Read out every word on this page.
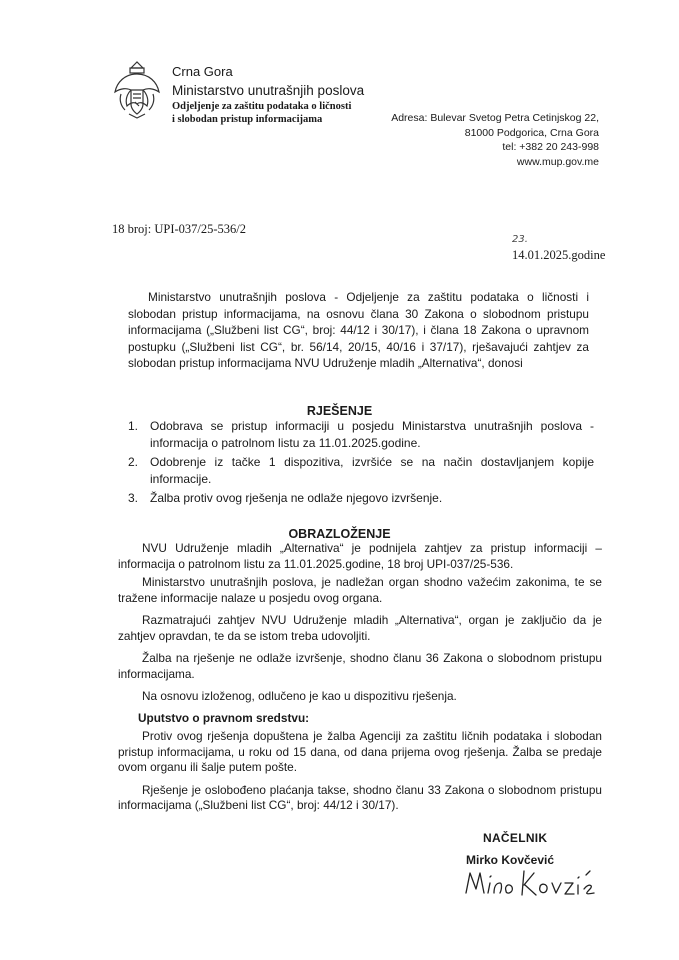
Crna Gora
Ministarstvo unutrašnjih poslova
Odjeljenje za zaštitu podataka o ličnosti
i slobodan pristup informacijama	Adresa: Bulevar Svetog Petra Cetinjskog 22,
81000 Podgorica, Crna Gora
tel: +382 20 243-998
www.mup.gov.me
18 broj: UPI-037/25-536/2
23.
14.01.2025.godine
Ministarstvo unutrašnjih poslova - Odjeljenje za zaštitu podataka o ličnosti i slobodan pristup informacijama, na osnovu člana 30 Zakona o slobodnom pristupu informacijama („Službeni list CG“, broj: 44/12 i 30/17), i člana 18 Zakona o upravnom postupku („Službeni list CG“, br. 56/14, 20/15, 40/16 i 37/17), rješavajući zahtjev za slobodan pristup informacijama NVU Udruženje mladih „Alternativa“, donosi
RJEŠENJE
1. Odobrava se pristup informaciji u posjedu Ministarstva unutrašnjih poslova - informacija o patrolnom listu za 11.01.2025.godine.
2. Odobrenje iz tačke 1 dispozitiva, izvršiće se na način dostavljanjem kopije informacije.
3. Žalba protiv ovog rješenja ne odlaže njegovo izvršenje.
OBRAZLOŽENJE

NVU Udruženje mladih „Alternativa“ je podnijela zahtjev za pristup informaciji – informacija o patrolnom listu za 11.01.2025.godine, 18 broj UPI-037/25-536.

Ministarstvo unutrašnjih poslova, je nadležan organ shodno važećim zakonima, te se tražene informacije nalaze u posjedu ovog organa.

Razmatrajući zahtjev NVU Udruženje mladih „Alternativa“, organ je zaključio da je zahtjev opravdan, te da se istom treba udovoljiti.

Žalba na rješenje ne odlaže izvršenje, shodno članu 36 Zakona o slobodnom pristupu informacijama.

Na osnovu izloženog, odlučeno je kao u dispozitivu rješenja.

Uputstvo o pravnom sredstvu:

Protiv ovog rješenja dopuštena je žalba Agenciji za zaštitu ličnih podataka i slobodan pristup informacijama, u roku od 15 dana, od dana prijema ovog rješenja. Žalba se predaje ovom organu ili šalje putem pošte.

Rješenje je oslobođeno plaćanja takse, shodno članu 33 Zakona o slobodnom pristupu informacijama („Službeni list CG“, broj: 44/12 i 30/17).

NAČELNIK
Mirko Kovčević
